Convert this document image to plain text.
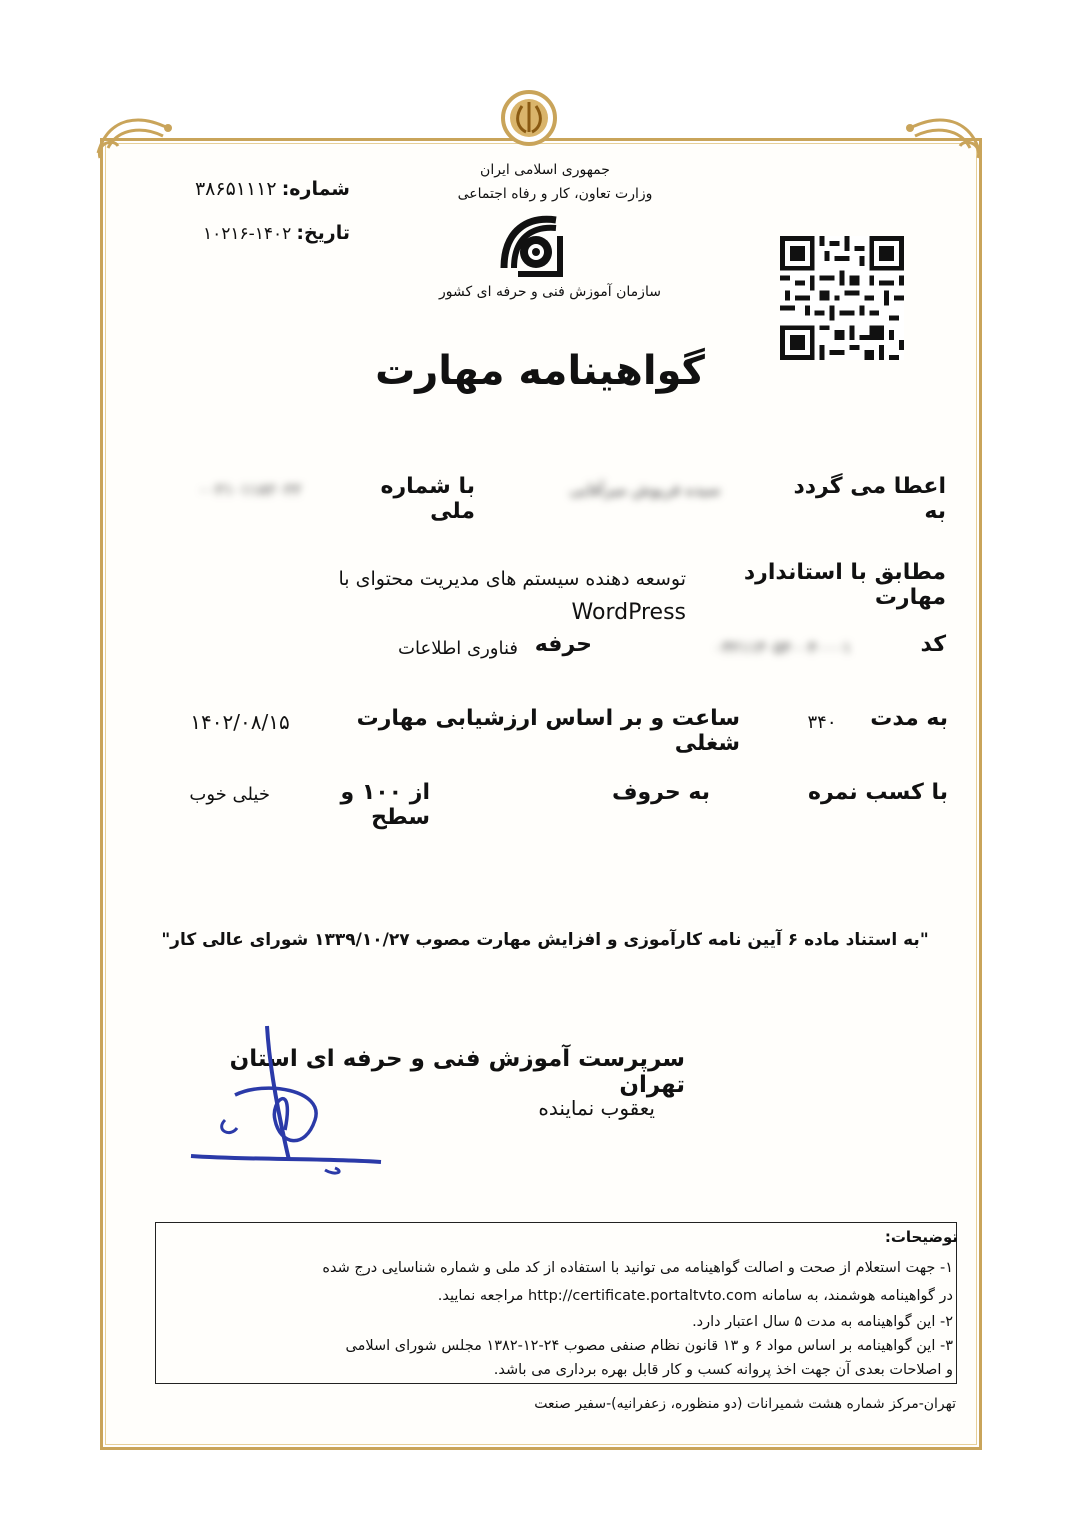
جمهوری اسلامی ایران
وزارت تعاون، کار و رفاه اجتماعی
سازمان آموزش فنی و حرفه ای کشور
شماره: ۳۸۶۵۱۱۱۲
تاریخ: ۱۴۰۲-۱۰۲۱۶
گواهینامه مهارت
اعطا می گردد به
سیده فریوش میرآقایی
با شماره ملی
۰۰۲۱۰۱۱۸۲۰۲۲
مطابق با استاندارد مهارت
توسعه دهنده سیستم های مدیریت محتوای با
WordPress
کد
۰۳۲۱۱۳۰۵۴۰۰۴۰۰۰۱
حرفه
فناوری اطلاعات
به مدت
۳۴۰
ساعت و بر اساس ارزشیابی مهارت شغلی
۱۴۰۲/۰۸/۱۵
با کسب نمره
به حروف
از ۱۰۰ و سطح
خیلی خوب
"به استناد ماده ۶ آیین نامه کارآموزی و افزایش مهارت مصوب ۱۳۳۹/۱۰/۲۷ شورای عالی کار"
سرپرست آموزش فنی و حرفه ای استان تهران
یعقوب نماینده
توضیحات:
۱- جهت استعلام از صحت و اصالت گواهینامه می توانید با استفاده از کد ملی و شماره شناسایی درج شده
در گواهینامه هوشمند، به سامانه http://certificate.portaltvto.com مراجعه نمایید.
۲- این گواهینامه به مدت ۵ سال اعتبار دارد.
۳- این گواهینامه بر اساس مواد ۶ و ۱۳ قانون نظام صنفی مصوب ۲۴-۱۲-۱۳۸۲ مجلس شورای اسلامی
و اصلاحات بعدی آن جهت اخذ پروانه کسب و کار قابل بهره برداری می باشد.
تهران-مرکز شماره هشت شمیرانات (دو منظوره، زعفرانیه)-سفیر صنعت
